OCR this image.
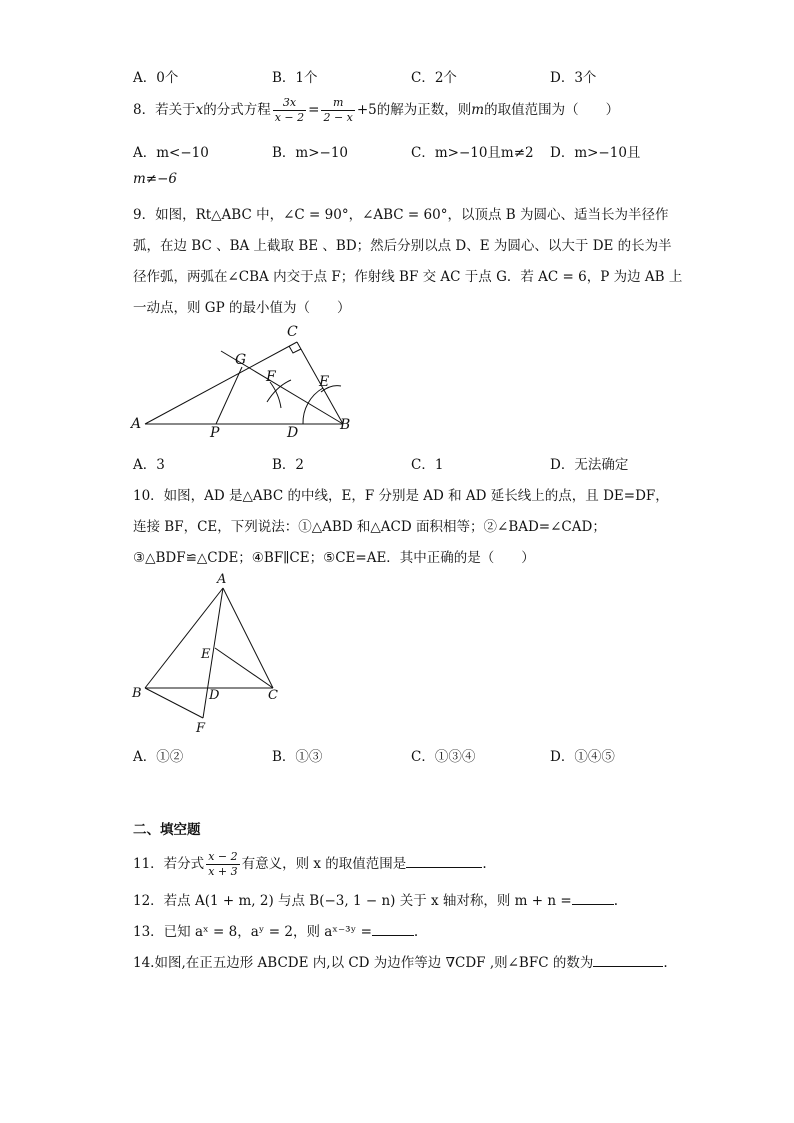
A．0个	B．1个	C．2个	D．3个
8．若关于x的分式方程 $\frac{3x}{x - 2} = \frac{m}{2 - x} +5$的解为正数，则m的取值范围为（　　）
A．m<−10	B．m>−10	C．m>−10且m≠2 D．m>−10且
m≠−6
9．如图，Rt△ABC 中，∠C = 90°，∠ABC = 60°，以顶点 B 为圆心、适当长为半径作
弧，在边 BC 、BA 上截取 BE 、BD；然后分别以点 D、E 为圆心、以大于 DE 的长为半
径作弧，两弧在∠CBA 内交于点 F；作射线 BF 交 AC 于点 G．若 AC = 6，P 为边 AB 上
一动点，则 GP 的最小值为（　　）
A	B
C
D
E
F
G
P
A．3	B．2	C．1	D．无法确定
10．如图，AD 是△ABC 的中线，E，F 分别是 AD 和 AD 延长线上的点，且 DE=DF，
连接 BF，CE，下列说法：①△ABD 和△ACD 面积相等；②∠BAD=∠CAD；
③△BDF≌△CDE；④BF∥CE；⑤CE=AE．其中正确的是（　　）
A
B	C
D
E
F
A．①②	B．①③	C．①③④	D．①④⑤
二、填空题
11．若分式 $\frac{x - 2}{x + 3}$ 有意义，则 x 的取值范围是	.
12．若点 A(1 + m, 2) 与点 B(−3, 1 − n) 关于 x 轴对称，则 m + n =	.
13．已知 aˣ = 8，aʸ = 2，则 aˣ⁻³ʸ =	.
14.如图,在正五边形 ABCDE 内,以 CD 为边作等边 ∇CDF ,则∠BFC 的数为	.
